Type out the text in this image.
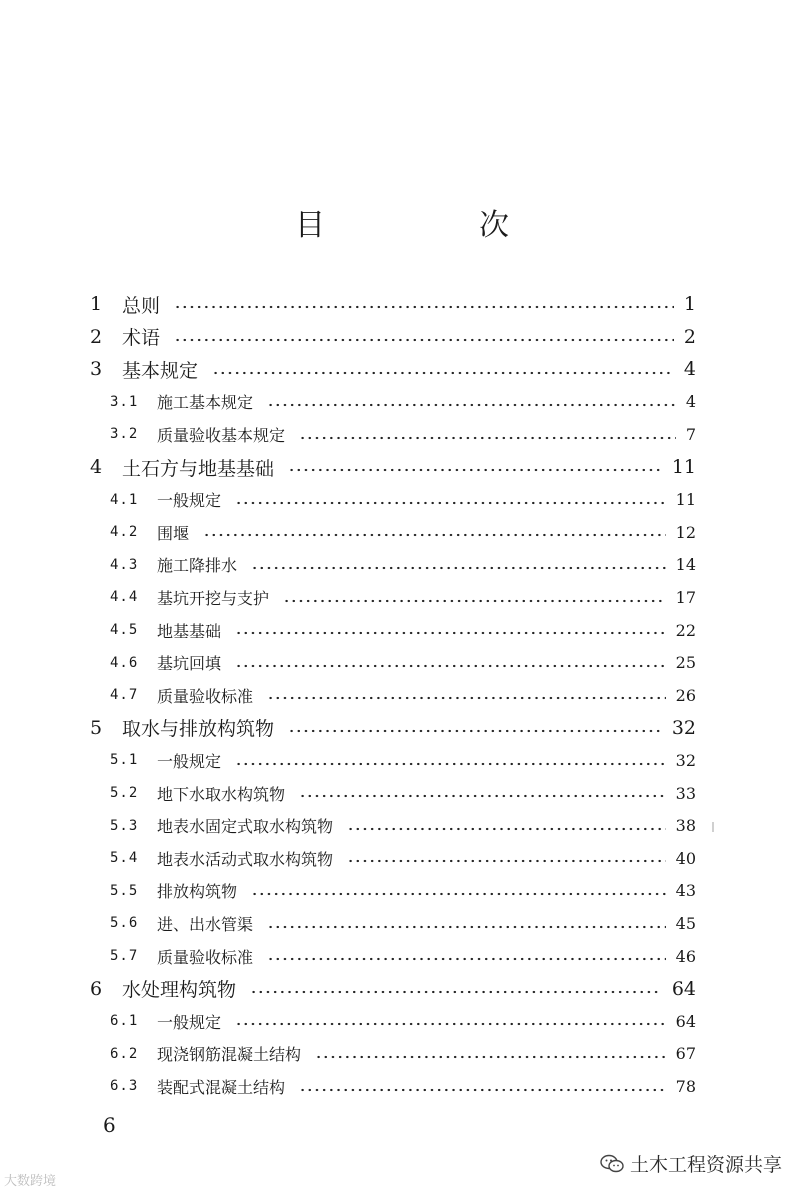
目　次
1 总则	1
2 术语	2
3 基本规定	4
3.1 施工基本规定	4
3.2 质量验收基本规定	7
4 土石方与地基基础	11
4.1 一般规定	11
4.2 围堰	12
4.3 施工降排水	14
4.4 基坑开挖与支护	17
4.5 地基基础	22
4.6 基坑回填	25
4.7 质量验收标准	26
5 取水与排放构筑物	32
5.1 一般规定	32
5.2 地下水取水构筑物	33
5.3 地表水固定式取水构筑物	38
5.4 地表水活动式取水构筑物	40
5.5 排放构筑物	43
5.6 进、出水管渠	45
5.7 质量验收标准	46
6 水处理构筑物	64
6.1 一般规定	64
6.2 现浇钢筋混凝土结构	67
6.3 装配式混凝土结构	78
6
大数跨境
土木工程资源共享
